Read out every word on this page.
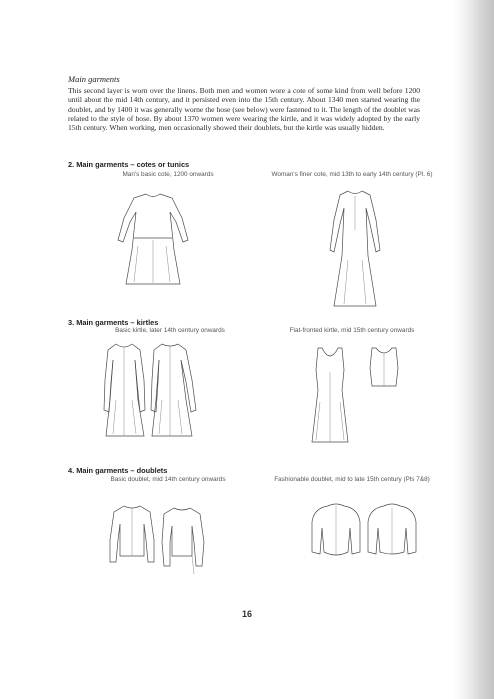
Main garments
This second layer is worn over the linens. Both men and women wore a cote of some kind from well before 1200 until about the mid 14th century, and it persisted even into the 15th century. About 1340 men started wearing the doublet, and by 1400 it was generally worne the hose (see below) were fastened to it. The length of the doublet was related to the style of hose. By about 1370 women were wearing the kirtle, and it was widely adopted by the early 15th century. When working, men occasionally showed their doublets, but the kirtle was usually hidden.
2. Main garments – cotes or tunics
Man's basic cote, 1200 onwards	Woman's finer cote, mid 13th to early 14th century (Pl. 6)
3. Main garments – kirtles
Basic kirtle, later 14th century onwards	Flat-fronted kirtle, mid 15th century onwards
4. Main garments – doublets
Basic doublet, mid 14th century onwards	Fashionable doublet, mid to late 15th century (Pls 7&8)
16
